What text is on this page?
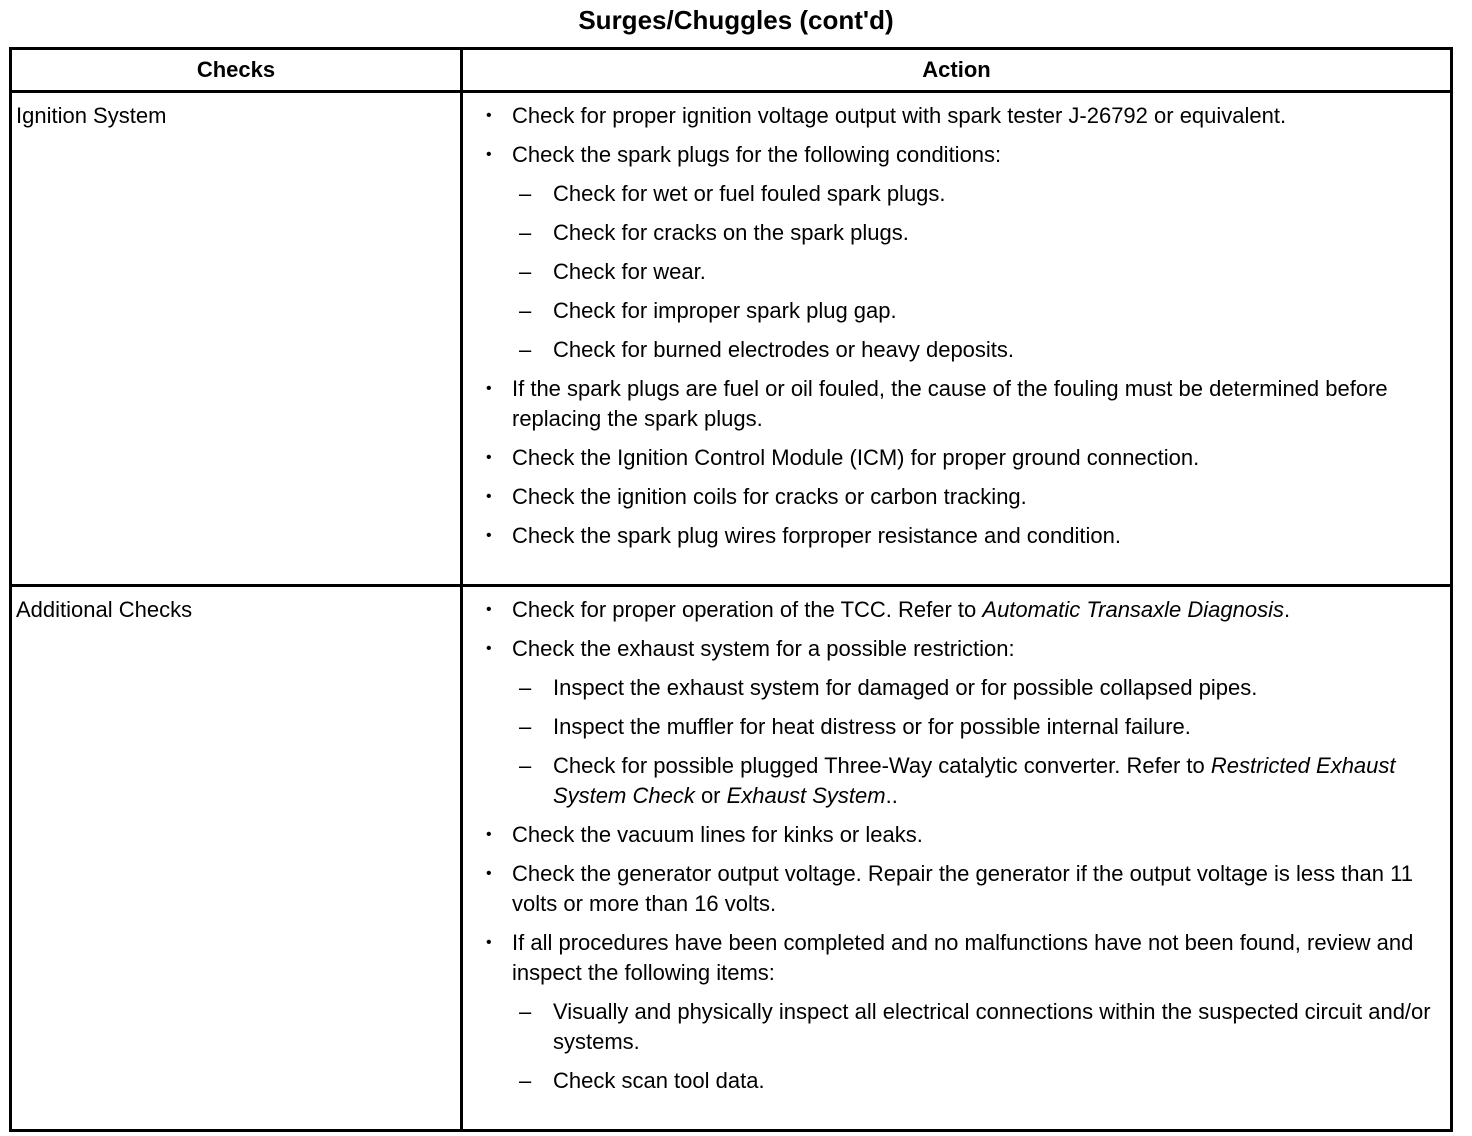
Surges/Chuggles (cont'd)
Checks	Action
Ignition System	• Check for proper ignition voltage output with spark tester J-26792 or equivalent.
• Check the spark plugs for the following conditions:
– Check for wet or fuel fouled spark plugs.
– Check for cracks on the spark plugs.
– Check for wear.
– Check for improper spark plug gap.
– Check for burned electrodes or heavy deposits.
• If the spark plugs are fuel or oil fouled, the cause of the fouling must be determined before replacing the spark plugs.
• Check the Ignition Control Module (ICM) for proper ground connection.
• Check the ignition coils for cracks or carbon tracking.
• Check the spark plug wires forproper resistance and condition.
Additional Checks	• Check for proper operation of the TCC. Refer to Automatic Transaxle Diagnosis.
• Check the exhaust system for a possible restriction:
– Inspect the exhaust system for damaged or for possible collapsed pipes.
– Inspect the muffler for heat distress or for possible internal failure.
– Check for possible plugged Three-Way catalytic converter. Refer to Restricted Exhaust System Check or Exhaust System..
• Check the vacuum lines for kinks or leaks.
• Check the generator output voltage. Repair the generator if the output voltage is less than 11 volts or more than 16 volts.
• If all procedures have been completed and no malfunctions have not been found, review and inspect the following items:
– Visually and physically inspect all electrical connections within the suspected circuit and/or systems.
– Check scan tool data.
